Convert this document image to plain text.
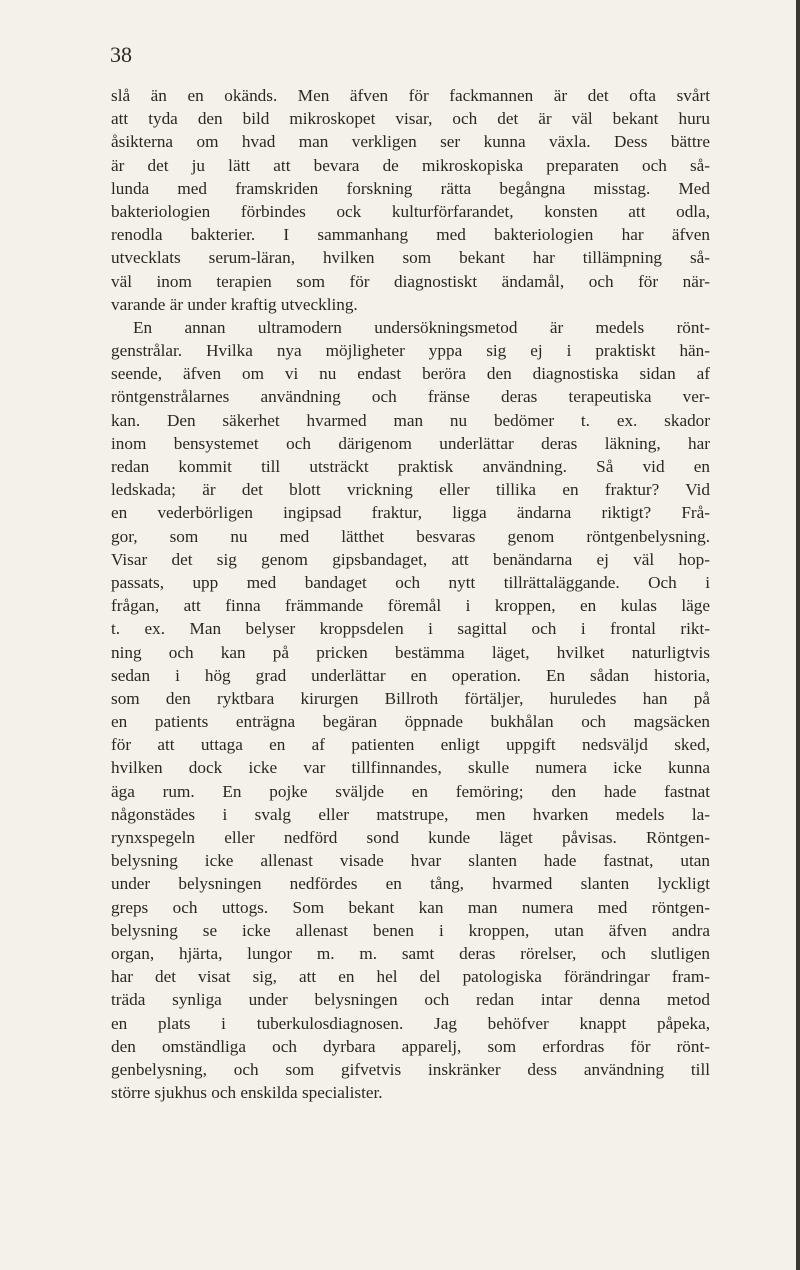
38
slå än en okänds. Men äfven för fackmannen är det ofta svårt
att tyda den bild mikroskopet visar, och det är väl bekant huru
åsikterna om hvad man verkligen ser kunna växla. Dess bättre
är det ju lätt att bevara de mikroskopiska preparaten och så-
lunda med framskriden forskning rätta begångna misstag. Med
bakteriologien förbindes ock kulturförfarandet, konsten att odla,
renodla bakterier. I sammanhang med bakteriologien har äfven
utvecklats serum-läran, hvilken som bekant har tillämpning så-
väl inom terapien som för diagnostiskt ändamål, och för när-
varande är under kraftig utveckling.
En annan ultramodern undersökningsmetod är medels rönt-
genstrålar. Hvilka nya möjligheter yppa sig ej i praktiskt hän-
seende, äfven om vi nu endast beröra den diagnostiska sidan af
röntgenstrålarnes användning och fränse deras terapeutiska ver-
kan. Den säkerhet hvarmed man nu bedömer t. ex. skador
inom bensystemet och därigenom underlättar deras läkning, har
redan kommit till utsträckt praktisk användning. Så vid en
ledskada; är det blott vrickning eller tillika en fraktur? Vid
en vederbörligen ingipsad fraktur, ligga ändarna riktigt? Frå-
gor, som nu med lätthet besvaras genom röntgenbelysning.
Visar det sig genom gipsbandaget, att benändarna ej väl hop-
passats, upp med bandaget och nytt tillrättaläggande. Och i
frågan, att finna främmande föremål i kroppen, en kulas läge
t. ex. Man belyser kroppsdelen i sagittal och i frontal rikt-
ning och kan på pricken bestämma läget, hvilket naturligtvis
sedan i hög grad underlättar en operation. En sådan historia,
som den ryktbara kirurgen Billroth förtäljer, huruledes han på
en patients enträgna begäran öppnade bukhålan och magsäcken
för att uttaga en af patienten enligt uppgift nedsväljd sked,
hvilken dock icke var tillfinnandes, skulle numera icke kunna
äga rum. En pojke sväljde en femöring; den hade fastnat
någonstädes i svalg eller matstrupe, men hvarken medels la-
rynxspegeln eller nedförd sond kunde läget påvisas. Röntgen-
belysning icke allenast visade hvar slanten hade fastnat, utan
under belysningen nedfördes en tång, hvarmed slanten lyckligt
greps och uttogs. Som bekant kan man numera med röntgen-
belysning se icke allenast benen i kroppen, utan äfven andra
organ, hjärta, lungor m. m. samt deras rörelser, och slutligen
har det visat sig, att en hel del patologiska förändringar fram-
träda synliga under belysningen och redan intar denna metod
en plats i tuberkulosdiagnosen. Jag behöfver knappt påpeka,
den omständliga och dyrbara apparelj, som erfordras för rönt-
genbelysning, och som gifvetvis inskränker dess användning till
större sjukhus och enskilda specialister.
